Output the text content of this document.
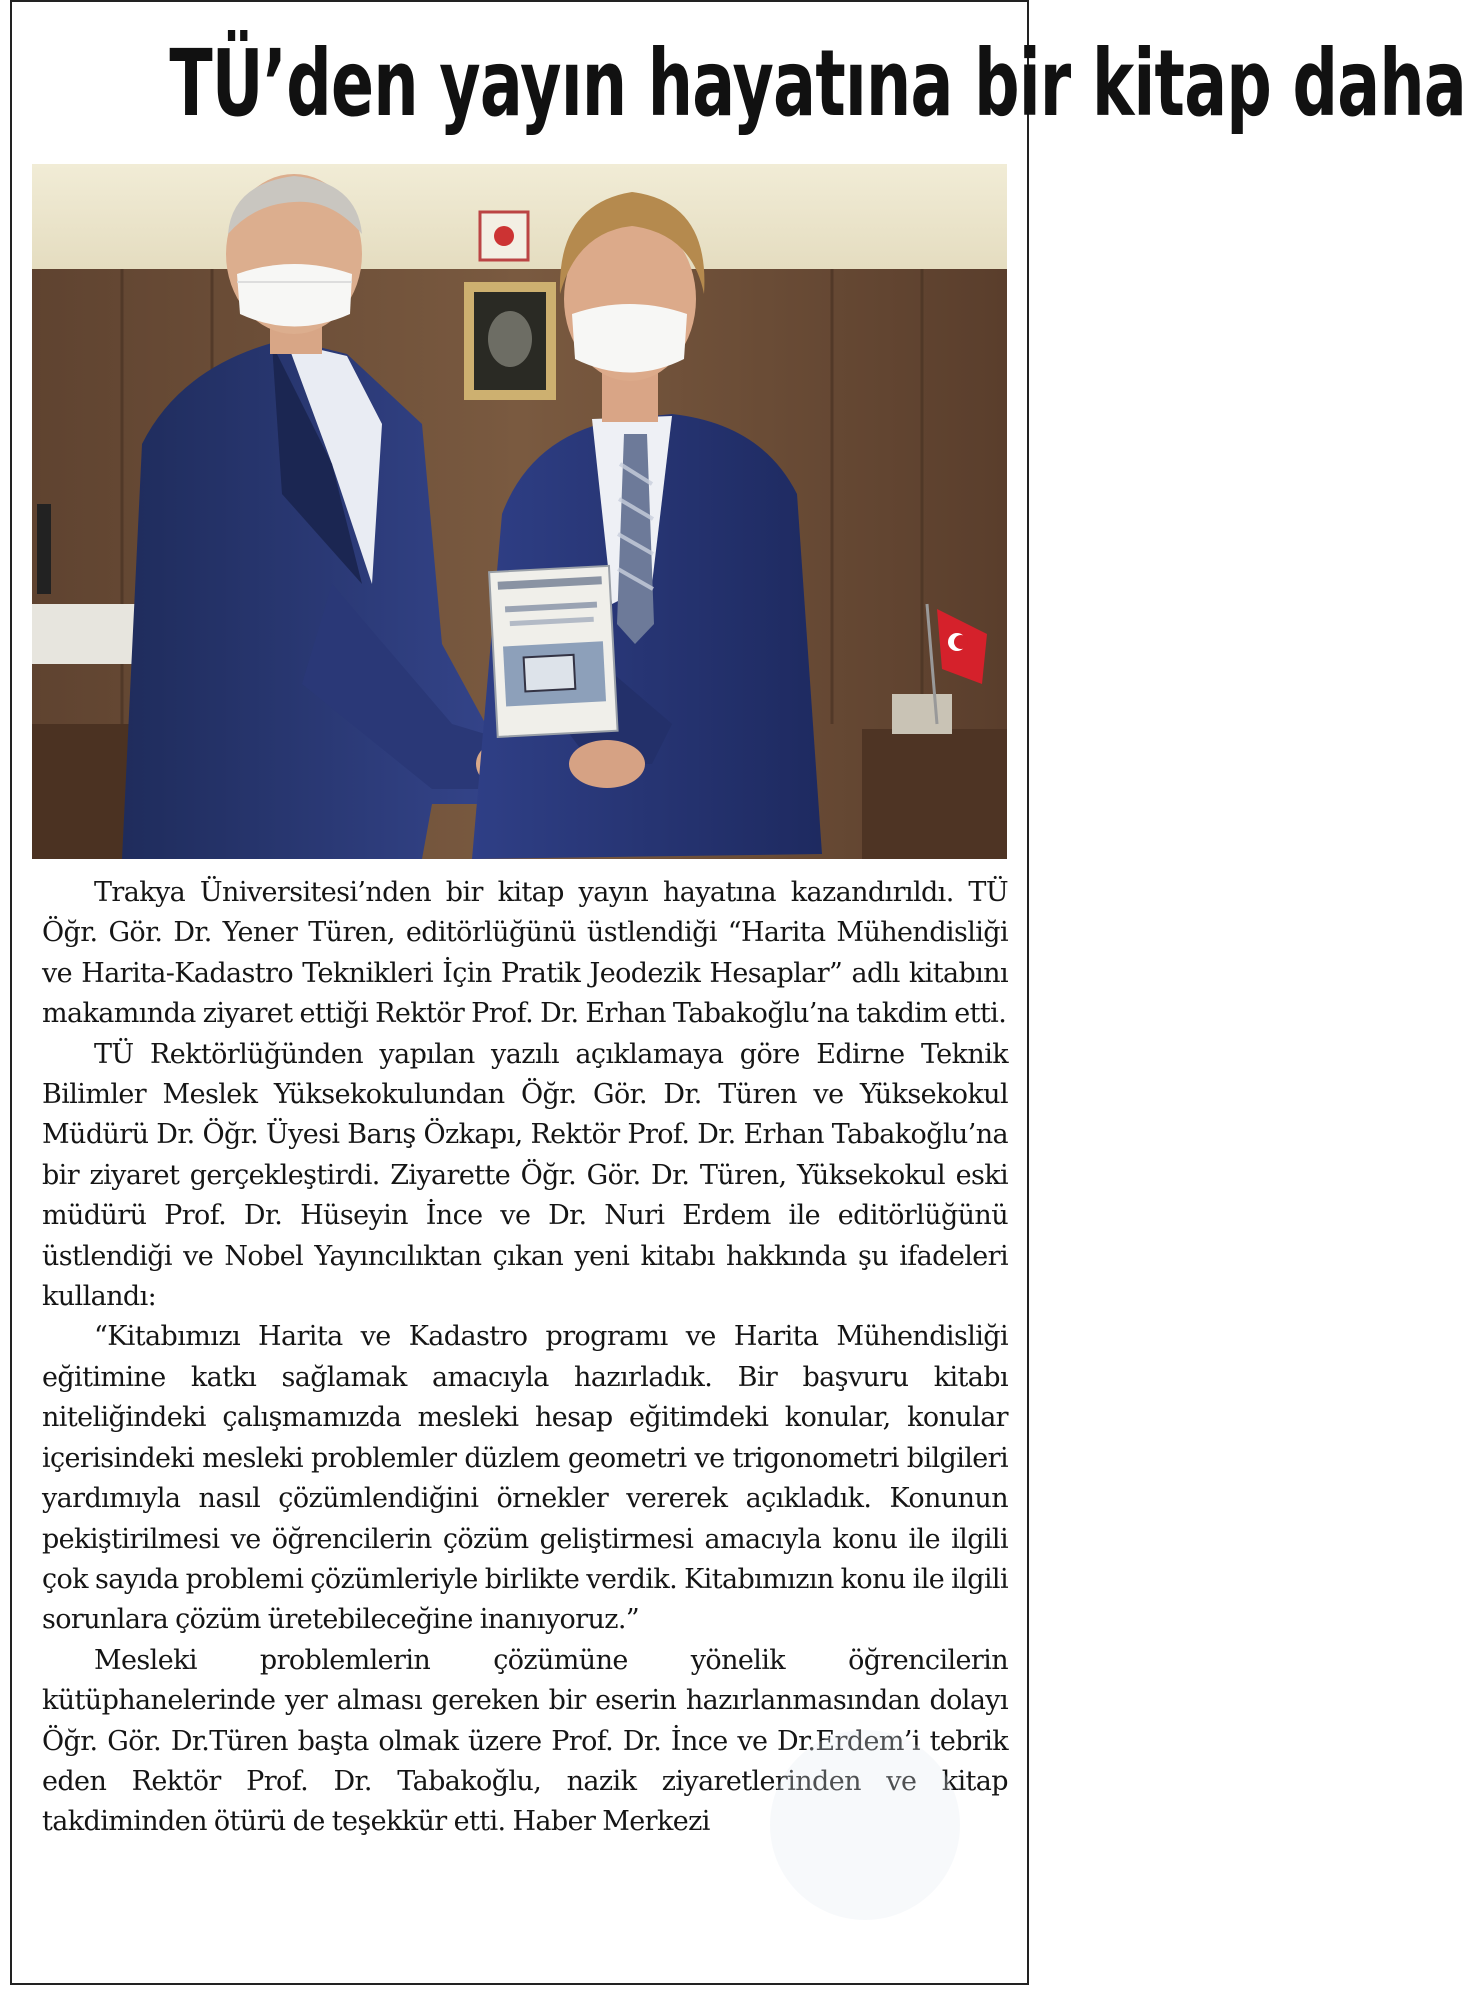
TÜ’den yayın hayatına bir kitap daha

Trakya Üniversitesi’nden bir kitap yayın hayatına kazandırıldı. TÜ Öğr. Gör. Dr. Yener Türen, editörlüğünü üstlendiği “Harita Mühendisliği ve Harita-Kadastro Teknikleri İçin Pratik Jeodezik Hesaplar” adlı kitabını makamında ziyaret ettiği Rektör Prof. Dr. Erhan Tabakoğlu’na takdim etti.

TÜ Rektörlüğünden yapılan yazılı açıklamaya göre Edirne Teknik Bilimler Meslek Yüksekokulundan Öğr. Gör. Dr. Türen ve Yüksekokul Müdürü Dr. Öğr. Üyesi Barış Özkapı, Rektör Prof. Dr. Erhan Tabakoğlu’na bir ziyaret gerçekleştirdi. Ziyarette Öğr. Gör. Dr. Türen, Yüksekokul eski müdürü Prof. Dr. Hüseyin İnce ve Dr. Nuri Erdem ile editörlüğünü üstlendiği ve Nobel Yayıncılıktan çıkan yeni kitabı hakkında şu ifadeleri kullandı:

“Kitabımızı Harita ve Kadastro programı ve Harita Mühendisliği eğitimine katkı sağlamak amacıyla hazırladık. Bir başvuru kitabı niteliğindeki çalışmamızda mesleki hesap eğitimdeki konular, konular içerisindeki mesleki problemler düzlem geometri ve trigonometri bilgileri yardımıyla nasıl çözümlendiğini örnekler vererek açıkladık. Konunun pekiştirilmesi ve öğrencilerin çözüm geliştirmesi amacıyla konu ile ilgili çok sayıda problemi çözümleriyle birlikte verdik. Kitabımızın konu ile ilgili sorunlara çözüm üretebileceğine inanıyoruz.”

Mesleki problemlerin çözümüne yönelik öğrencilerin kütüphanelerinde yer alması gereken bir eserin hazırlanmasından dolayı Öğr. Gör. Dr.Türen başta olmak üzere Prof. Dr. İnce ve Dr.Erdem’i tebrik eden Rektör Prof. Dr. Tabakoğlu, nazik ziyaretlerinden ve kitap takdiminden ötürü de teşekkür etti. Haber Merkezi
